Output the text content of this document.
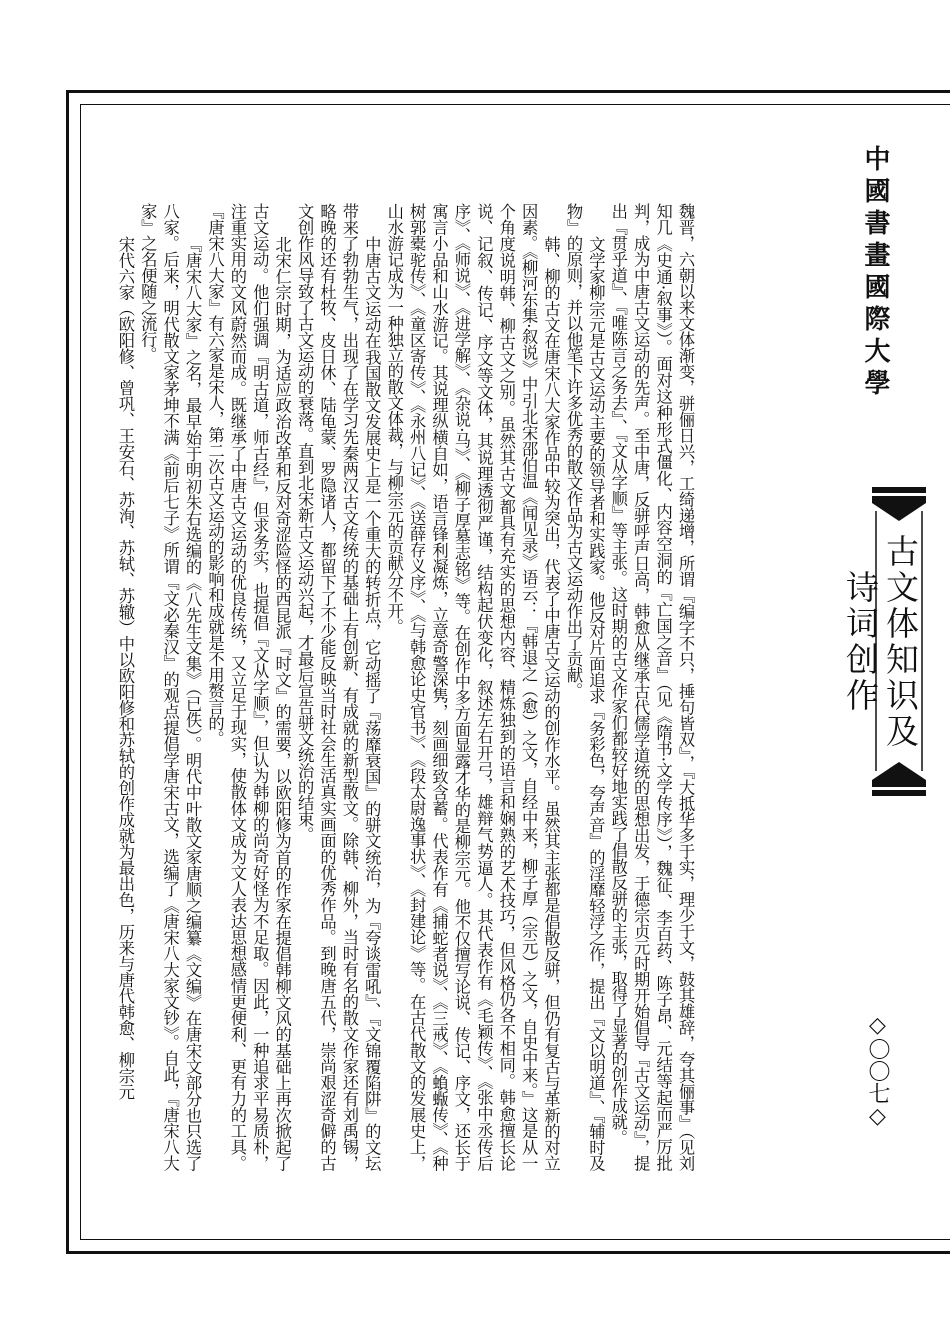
中國書畫國際大學
古文体知识及诗词创作
◇〇〇七◇

魏晋，六朝以来文体渐变，骈俪日兴，工绮递增，所谓『编字不只，捶句皆双』，『大抵华多于实，理少于文，鼓其雄辞，夸其俪事』（见刘知几《史通·叙事》）。面对这种形式僵化、内容空洞的『亡国之音』（见《隋书·文学传序》），魏征、李百药、陈子昂、元结等起而严厉批判，成为中唐古文运动的先声。至中唐，反骈呼声日高，韩愈从继承古代儒学道统的思想出发，于德宗贞元时期开始倡导『古文运动』，提出『贯乎道』、『唯陈言之务去』、『文从字顺』等主张。这时期的古文作家们都较好地实践了倡散反骈的主张，取得了显著的创作成就。

文学家柳宗元是古文运动主要的领导者和实践家。他反对片面追求『务彩色，夸声音』的淫靡轻浮之作，提出『文以明道』、『辅时及物』的原则，并以他笔下许多优秀的散文作品为古文运动作出了贡献。

韩、柳的古文在唐宋八大家作品中较为突出，代表了中唐古文运动的创作水平。虽然其主张都是倡散反骈，但仍有复古与革新的对立因素。《柳河东集·叙说》中引北宋邵伯温《闻见录》语云：『韩退之（愈）之文，自经中来，柳子厚（宗元）之文，自史中来。』这是从一个角度说明韩、柳古文之别。虽然其古文都具有充实的思想内容、精炼独到的语言和娴熟的艺术技巧，但风格仍各不相同。韩愈擅长论说、记叙、传记、序文等文体，其说理透彻严谨，结构起伏变化，叙述左右开弓，雄辩气势逼人。其代表作有《毛颖传》、《张中丞传后序》、《师说》、《进学解》、《杂说·马》、《柳子厚墓志铭》等。在创作中多方面显露才华的是柳宗元。他不仅擅写论说、传记、序文，还长于寓言小品和山水游记。其说理纵横自如，语言锋利凝炼，立意奇警深隽，刻画细致含蓄。代表作有《捕蛇者说》、《三戒》、《蝜蝂传》、《种树郭橐驼传》、《童区寄传》、《永州八记》、《送薛存义序》、《与韩愈论史官书》、《段太尉逸事状》、《封建论》等。在古代散文的发展史上，山水游记成为一种独立的散文体裁，与柳宗元的贡献分不开。

中唐古文运动在我国散文发展史上是一个重大的转折点，它动摇了『荡靡衰国』的骈文统治，为『夸谈雷吼』、『文锦覆陷阱』的文坛带来了勃勃生气，出现了在学习先秦两汉古文传统的基础上有创新、有成就的新型散文。除韩、柳外，当时有名的散文作家还有刘禹锡，略晚的还有杜牧、皮日休、陆龟蒙、罗隐诸人，都留下了不少能反映当时社会生活真实画面的优秀作品。到晚唐五代，崇尚艰涩奇僻的古文创作风导致了古文运动的衰落。直到北宋新古文运动兴起，才最后宣告骈文统治的结束。

北宋仁宗时期，为适应政治改革和反对奇涩险怪的西昆派『时文』的需要，以欧阳修为首的作家在提倡韩柳文风的基础上再次掀起了古文运动。他们强调『明古道，师古经』，但求务实，也提倡『文从字顺』，但认为韩柳的尚奇好怪为不足取。因此，一种追求平易质朴，注重实用的文风蔚然而成。既继承了中唐古文运动的优良传统，又立足于现实，使散体文成为文人表达思想感情更便利、更有力的工具。『唐宋八大家』有六家是宋人，第二次古文运动的影响和成就是不用赘言的。

『唐宋八大家』之名，最早始于明初朱右选编的《八先生文集》（已佚）。明代中叶散文家唐顺之编纂《文编》在唐宋文部分也只选了八家。后来，明代散文家茅坤不满《前后七子》所谓『文必秦汉』的观点提倡学唐宋古文，选编了《唐宋八大家文钞》。自此，『唐宋八大家』之名便随之流行。

宋代六家（欧阳修、曾巩、王安石、苏洵、苏轼、苏辙）中以欧阳修和苏轼的创作成就为最出色，历来与唐代韩愈、柳宗元
